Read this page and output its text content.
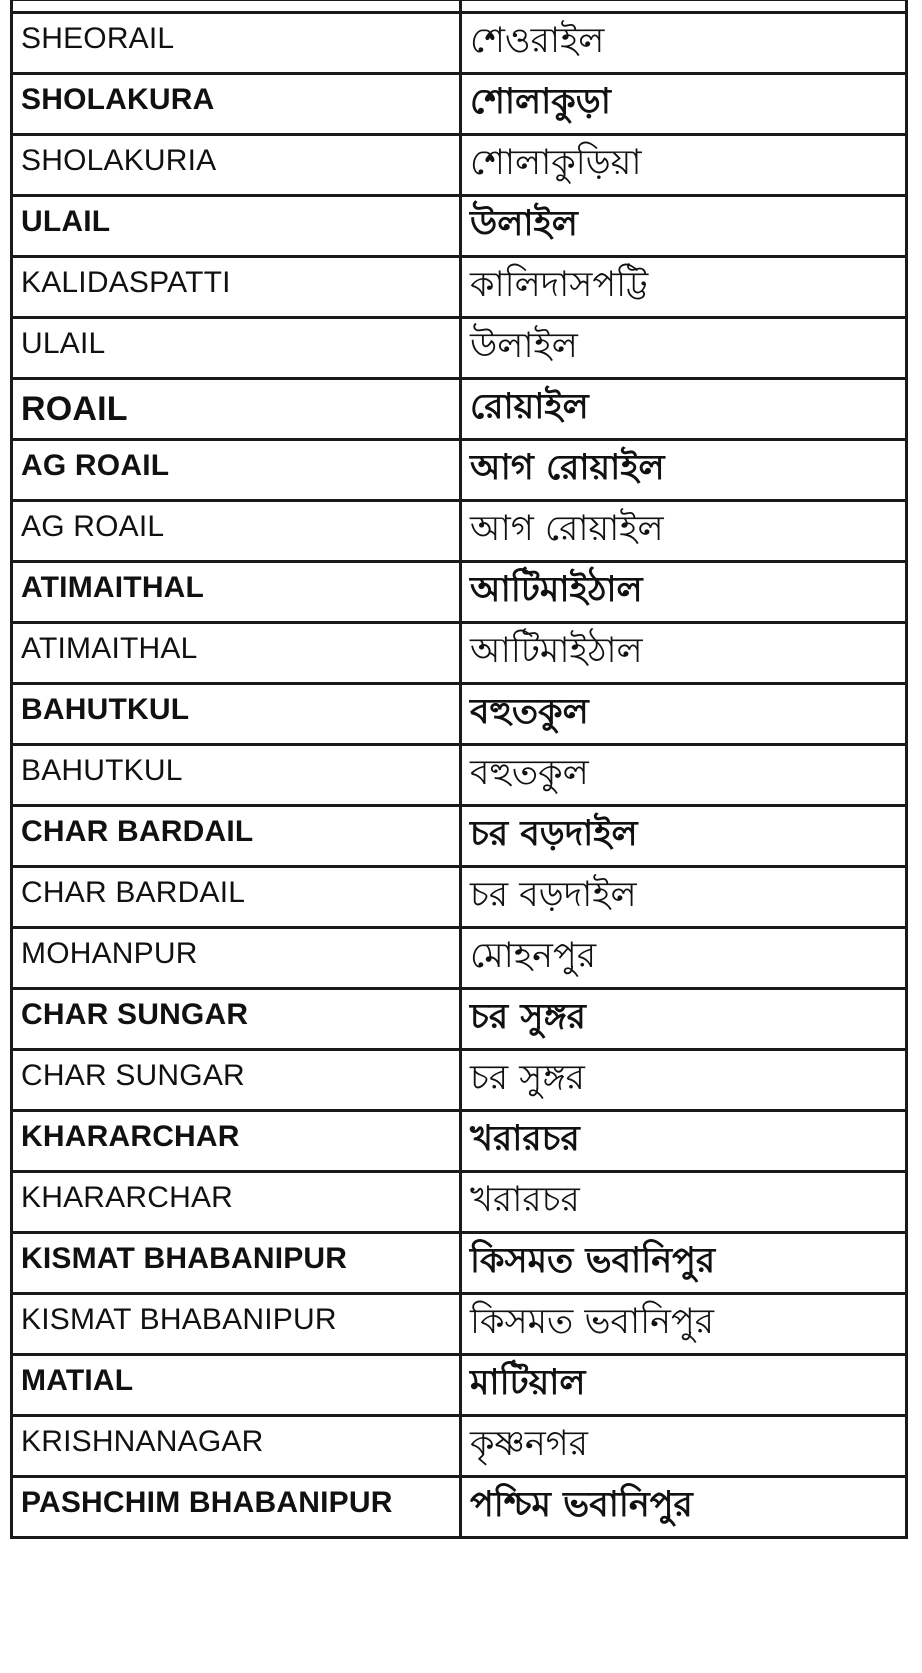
SHEORAIL	শেওরাইল
SHOLAKURA	শোলাকুড়া
SHOLAKURIA	শোলাকুড়িয়া
ULAIL	উলাইল
KALIDASPATTI	কালিদাসপট্টি
ULAIL	উলাইল
ROAIL	রোয়াইল
AG ROAIL	আগ রোয়াইল
AG ROAIL	আগ রোয়াইল
ATIMAITHAL	আটিমাইঠাল
ATIMAITHAL	আটিমাইঠাল
BAHUTKUL	বহুতকুল
BAHUTKUL	বহুতকুল
CHAR BARDAIL	চর বড়দাইল
CHAR BARDAIL	চর বড়দাইল
MOHANPUR	মোহনপুর
CHAR SUNGAR	চর সুঙ্গর
CHAR SUNGAR	চর সুঙ্গর
KHARARCHAR	খরারচর
KHARARCHAR	খরারচর
KISMAT BHABANIPUR	কিসমত ভবানিপুর
KISMAT BHABANIPUR	কিসমত ভবানিপুর
MATIAL	মাটিয়াল
KRISHNANAGAR	কৃষ্ণনগর
PASHCHIM BHABANIPUR	পশ্চিম ভবানিপুর
